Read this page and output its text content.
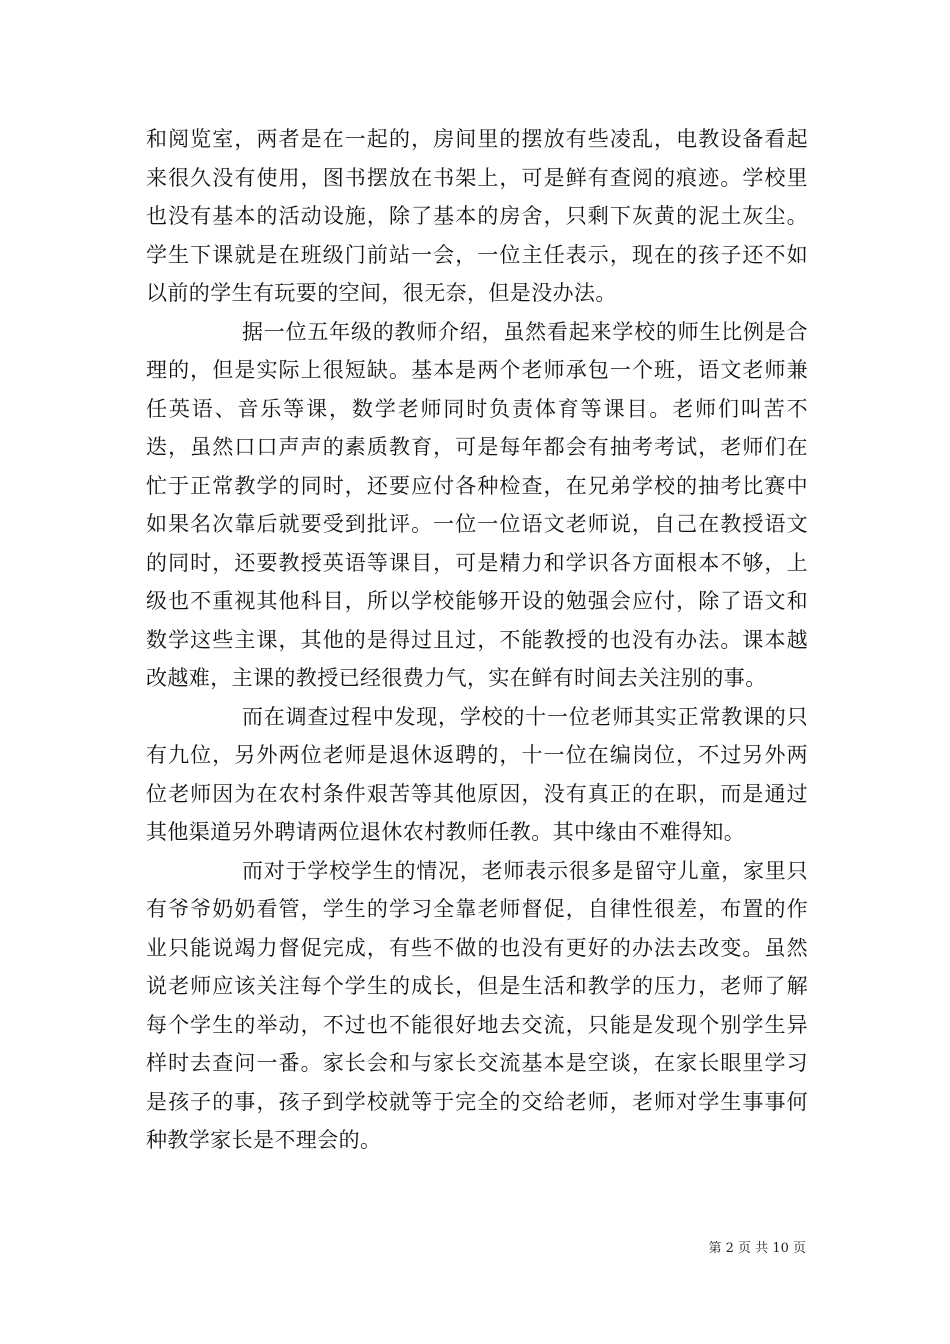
和阅览室，两者是在一起的，房间里的摆放有些凌乱，电教设备看起来很久没有使用，图书摆放在书架上，可是鲜有查阅的痕迹。学校里也没有基本的活动设施，除了基本的房舍，只剩下灰黄的泥土灰尘。学生下课就是在班级门前站一会，一位主任表示，现在的孩子还不如以前的学生有玩要的空间，很无奈，但是没办法。

据一位五年级的教师介绍，虽然看起来学校的师生比例是合理的，但是实际上很短缺。基本是两个老师承包一个班，语文老师兼任英语、音乐等课，数学老师同时负责体育等课目。老师们叫苦不迭，虽然口口声声的素质教育，可是每年都会有抽考考试，老师们在忙于正常教学的同时，还要应付各种检查，在兄弟学校的抽考比赛中如果名次靠后就要受到批评。一位一位语文老师说，自己在教授语文的同时，还要教授英语等课目，可是精力和学识各方面根本不够，上级也不重视其他科目，所以学校能够开设的勉强会应付，除了语文和数学这些主课，其他的是得过且过，不能教授的也没有办法。课本越改越难，主课的教授已经很费力气，实在鲜有时间去关注别的事。

而在调查过程中发现，学校的十一位老师其实正常教课的只有九位，另外两位老师是退休返聘的，十一位在编岗位，不过另外两位老师因为在农村条件艰苦等其他原因，没有真正的在职，而是通过其他渠道另外聘请两位退休农村教师任教。其中缘由不难得知。

而对于学校学生的情况，老师表示很多是留守儿童，家里只有爷爷奶奶看管，学生的学习全靠老师督促，自律性很差，布置的作业只能说竭力督促完成，有些不做的也没有更好的办法去改变。虽然说老师应该关注每个学生的成长，但是生活和教学的压力，老师了解每个学生的举动，不过也不能很好地去交流，只能是发现个别学生异样时去查问一番。家长会和与家长交流基本是空谈，在家长眼里学习是孩子的事，孩子到学校就等于完全的交给老师，老师对学生事事何种教学家长是不理会的。

第 2 页 共 10 页
